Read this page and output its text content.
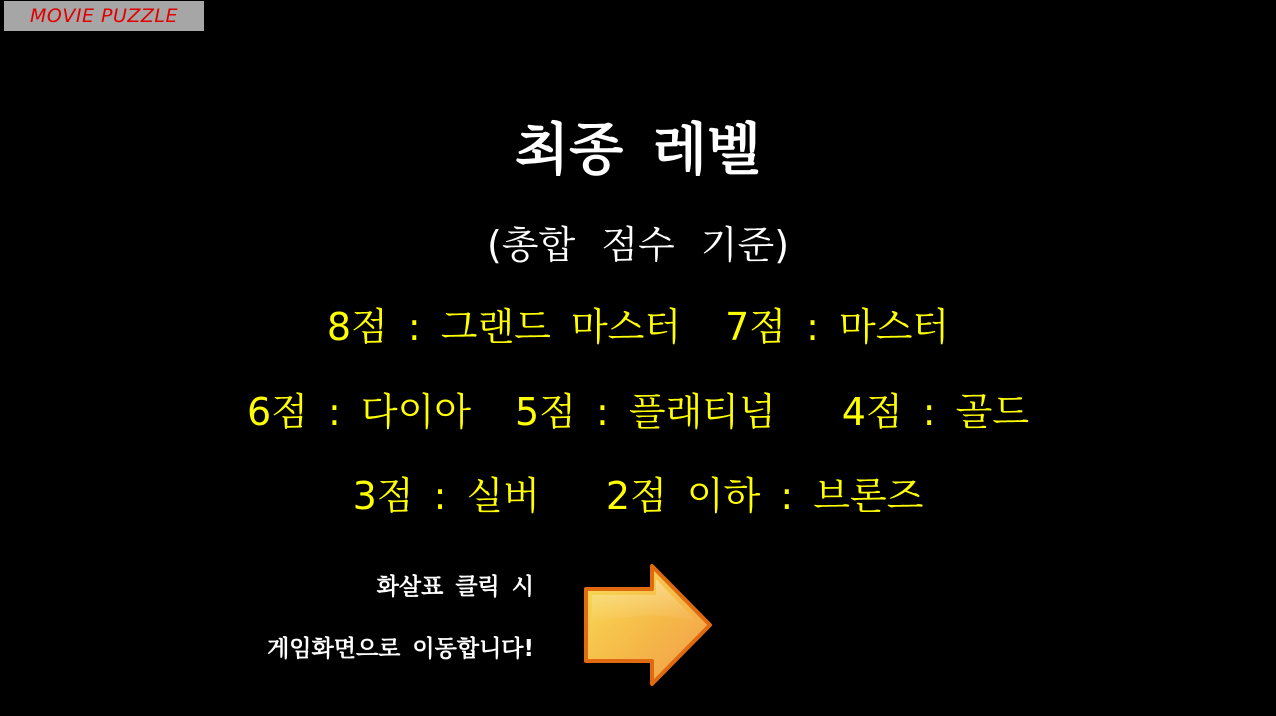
MOVIE PUZZLE
최종 레벨
(총합 점수 기준)
8점 : 그랜드 마스터 7점 : 마스터
6점 : 다이아 5점 : 플래티넘 4점 : 골드
3점 : 실버 2점 이하 : 브론즈
화살표 클릭 시
게임화면으로 이동합니다!
